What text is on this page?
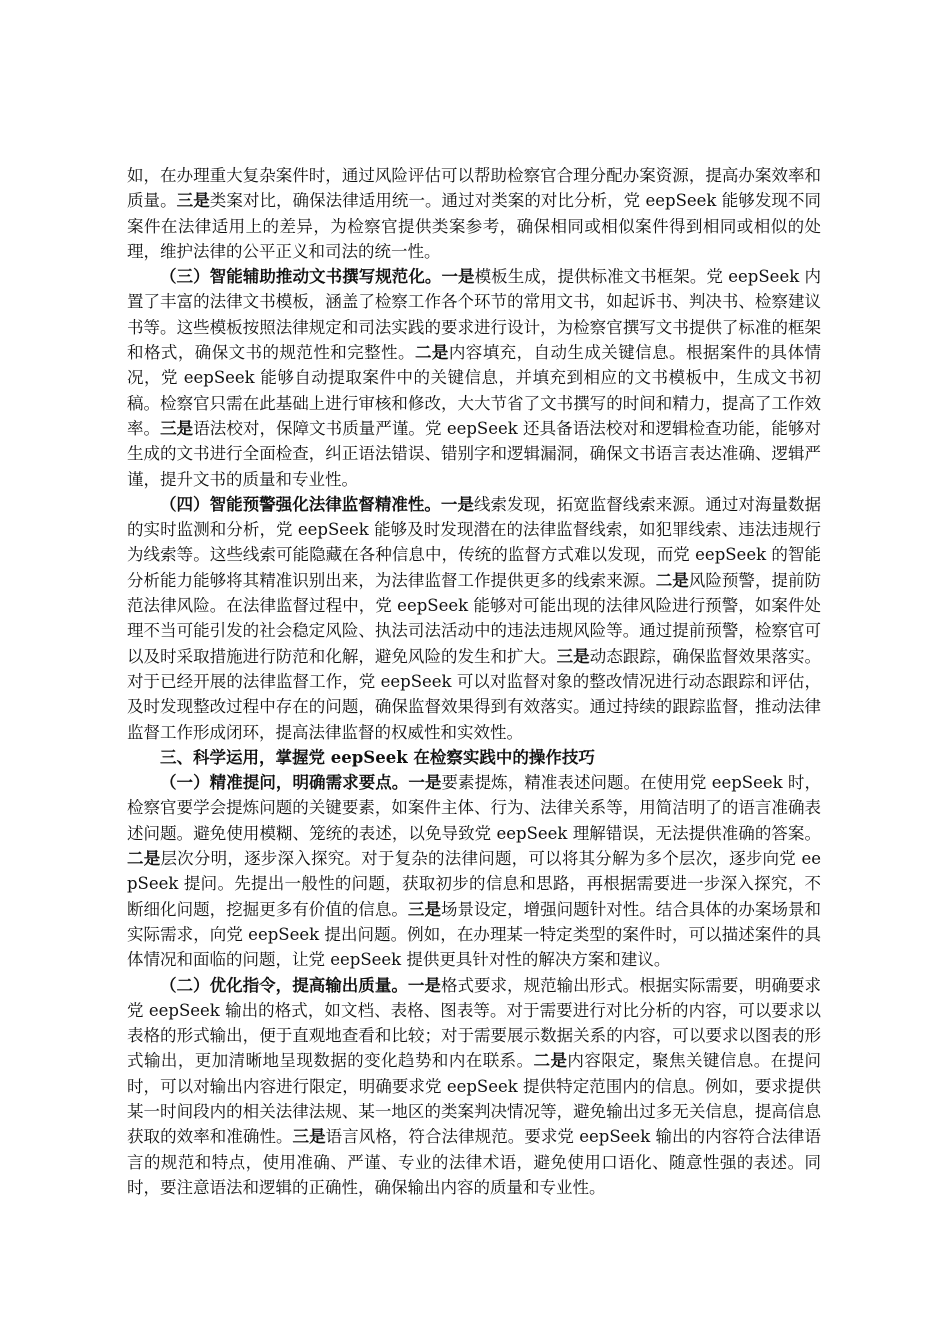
如，在办理重大复杂案件时，通过风险评估可以帮助检察官合理分配办案资源，提高办案效率和质量。三是类案对比，确保法律适用统一。通过对类案的对比分析，党 eepSeek 能够发现不同案件在法律适用上的差异，为检察官提供类案参考，确保相同或相似案件得到相同或相似的处理，维护法律的公平正义和司法的统一性。

（三）智能辅助推动文书撰写规范化。一是模板生成，提供标准文书框架。党 eepSeek 内置了丰富的法律文书模板，涵盖了检察工作各个环节的常用文书，如起诉书、判决书、检察建议书等。这些模板按照法律规定和司法实践的要求进行设计，为检察官撰写文书提供了标准的框架和格式，确保文书的规范性和完整性。二是内容填充，自动生成关键信息。根据案件的具体情况，党 eepSeek 能够自动提取案件中的关键信息，并填充到相应的文书模板中，生成文书初稿。检察官只需在此基础上进行审核和修改，大大节省了文书撰写的时间和精力，提高了工作效率。三是语法校对，保障文书质量严谨。党 eepSeek 还具备语法校对和逻辑检查功能，能够对生成的文书进行全面检查，纠正语法错误、错别字和逻辑漏洞，确保文书语言表达准确、逻辑严谨，提升文书的质量和专业性。

（四）智能预警强化法律监督精准性。一是线索发现，拓宽监督线索来源。通过对海量数据的实时监测和分析，党 eepSeek 能够及时发现潜在的法律监督线索，如犯罪线索、违法违规行为线索等。这些线索可能隐藏在各种信息中，传统的监督方式难以发现，而党 eepSeek 的智能分析能力能够将其精准识别出来，为法律监督工作提供更多的线索来源。二是风险预警，提前防范法律风险。在法律监督过程中，党 eepSeek 能够对可能出现的法律风险进行预警，如案件处理不当可能引发的社会稳定风险、执法司法活动中的违法违规风险等。通过提前预警，检察官可以及时采取措施进行防范和化解，避免风险的发生和扩大。三是动态跟踪，确保监督效果落实。对于已经开展的法律监督工作，党 eepSeek 可以对监督对象的整改情况进行动态跟踪和评估，及时发现整改过程中存在的问题，确保监督效果得到有效落实。通过持续的跟踪监督，推动法律监督工作形成闭环，提高法律监督的权威性和实效性。

三、科学运用，掌握党 eepSeek 在检察实践中的操作技巧

（一）精准提问，明确需求要点。一是要素提炼，精准表述问题。在使用党 eepSeek 时，检察官要学会提炼问题的关键要素，如案件主体、行为、法律关系等，用简洁明了的语言准确表述问题。避免使用模糊、笼统的表述，以免导致党 eepSeek 理解错误，无法提供准确的答案。二是层次分明，逐步深入探究。对于复杂的法律问题，可以将其分解为多个层次，逐步向党 eepSeek 提问。先提出一般性的问题，获取初步的信息和思路，再根据需要进一步深入探究，不断细化问题，挖掘更多有价值的信息。三是场景设定，增强问题针对性。结合具体的办案场景和实际需求，向党 eepSeek 提出问题。例如，在办理某一特定类型的案件时，可以描述案件的具体情况和面临的问题，让党 eepSeek 提供更具针对性的解决方案和建议。

（二）优化指令，提高输出质量。一是格式要求，规范输出形式。根据实际需要，明确要求党 eepSeek 输出的格式，如文档、表格、图表等。对于需要进行对比分析的内容，可以要求以表格的形式输出，便于直观地查看和比较；对于需要展示数据关系的内容，可以要求以图表的形式输出，更加清晰地呈现数据的变化趋势和内在联系。二是内容限定，聚焦关键信息。在提问时，可以对输出内容进行限定，明确要求党 eepSeek 提供特定范围内的信息。例如，要求提供某一时间段内的相关法律法规、某一地区的类案判决情况等，避免输出过多无关信息，提高信息获取的效率和准确性。三是语言风格，符合法律规范。要求党 eepSeek 输出的内容符合法律语言的规范和特点，使用准确、严谨、专业的法律术语，避免使用口语化、随意性强的表述。同时，要注意语法和逻辑的正确性，确保输出内容的质量和专业性。
